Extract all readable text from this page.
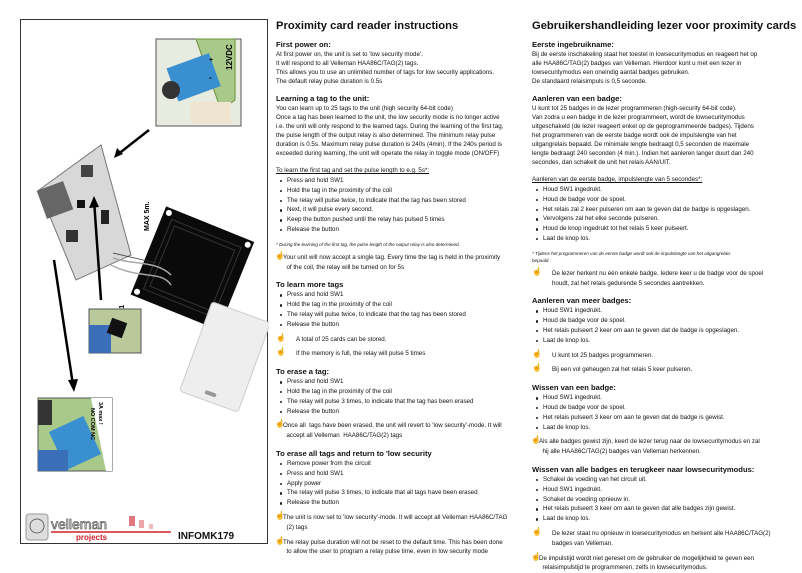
12VDC
+
-
MAX 5m.
NO COM NC 3A max !
velleman
projects	INFOMK179
Proximity card reader instructions
First power on:
At first power on, the unit is set to 'low security mode'.
It will respond to all Velleman HAA86C/TAG(2) tags.
This allows you to use an unlimited number of tags for low security applications.
The default relay pulse duration is 0.5s
Learning a tag to the unit:
You can learn up to 25 tags to the unit (high security 64-bit code)
Once a tag has been learned to the unit, the low security mode is no longer active
i.e. the unit will only respond to the learned tags. During the learning of the first tag,
the pulse length of the output relay is also determined. The minimum relay pulse
duration is 0.5s. Maximum relay pulse duration is 240s (4min). If the 240s period is
exceeded during learning, the unit will operate the relay in toggle mode (ON/OFF)
To learn the first tag and set the pulse length to e.g. 5s*:
Press and hold SW1
Hold the tag in the proximity of the coil
The relay will pulse twice, to indicate that the tag has been stored
Next, it will pulse every second.
Keep the button pushed until the relay has pulsed 5 times
Release the button
* During the learning of the first tag, the pulse length of the output relay is also determined.
☝
Your unit will now accept a single tag. Every time the tag is held in the proximity
of the coil, the relay will be turned on for 5s
To learn more tags
Press and hold SW1
Hold the tag in the proximity of the coil
The relay will pulse twice, to indicate that the tag has been stored
Release the button
☝ A total of 25 cards can be stored.
☝ If the memory is full, the relay will pulse 5 times
To erase a tag:
Press and hold SW1
Hold the tag in the proximity of the coil
The relay will pulse 3 times, to indicate that the tag has been erased
Release the button
☝
Once all  tags have been erased, the unit will revert to 'low security'-mode. It will
accept all Velleman  HAA86C/TAG(2) tags
To erase all tags and return to 'low security
Remove power from the circuit
Press and hold SW1
Apply power
The relay will pulse 3 times, to indicate that all tags have been erased
Release the button
☝
The unit is now set to 'low security'-mode. It will accept all Velleman HAA86C/TAG
(2) tags
☝
The relay pulse duration will not be reset to the default time. This has been done
to allow the user to program a relay pulse time, even in low security mode
Gebruikershandleiding lezer voor proximity cards
Eerste ingebruikname:
Bij de eerste inschakeling staat het toestel in lowsecuritymodus en reageert het op
alle HAA86C/TAG(2) badges van Velleman. Hierdoor kunt u met een lezer in
lowsecuritymodus een oneindig aantal badges gebruiken.
De standaard relaisimpuls is 0,5 seconde.
Aanleren van een badge:
U kunt tot 25 badges in de lezer programmeren (high-security 64-bit code).
Van zodra u een badge in de lezer programmeert, wordt de lowsecuritymodus
uitgeschakeld (de lezer reageert enkel op de geprogrammeerde badges). Tijdens
het programmeren van de eerste badge wordt ook de impulslengte van het
uitgangrelais bepaald. De minimale lengte bedraagt 0,5 seconden de maximale
lengte bedraagt 240 seconden (4 min.). Indien het aanleren langer duurt dan 240
secondes, dan schakelt de unit het relais AAN/UIT.
Aanleren van de eerste badge, impulslengte van 5 secondes*:
Houd SW1 ingedrukt.
Houd de badge voor de spoel.
Het relais zal 2 keer pulseren om aan te geven dat de badge is opgeslagen.
Vervolgens zal het elke seconde pulseren.
Houd de knop ingedrukt tot het relais 5 keer pulseert.
Laat de knop los.
* Tijdens het programmeren van de eerste badge wordt ook de impulslengte van het uitgangrelais
bepaald.
☝ De lezer herkent nu één enkele badge. Iedere keer u de badge voor de spoel
houdt, zal het relais gedurende 5 secondes aantrekken.
Aanleren van meer badges:
Houd SW1 ingedrukt.
Houd de badge voor de spoel.
Het relais pulseert 2 keer om aan te geven dat de badge is opgeslagen.
Laat de knop los.
☝ U kunt tot 25 badges programmeren.
☝ Bij een vol geheugen zal het relais 5 keer pulseren.
Wissen van een badge:
Houd SW1 ingedrukt.
Houd de badge voor de spoel.
Het relais pulseert 3 keer om aan te geven dat de badge is gewist.
Laat de knop los.
☝
Als alle badges gewist zijn, keert de lezer terug naar de lowsecuritymodus en zal
hij alle HAA86C/TAG(2) badges van Velleman herkennen.
Wissen van alle badges en terugkeer naar lowsecuritymodus:
Schakel de voeding van het circuit uit.
Houd SW1 ingedrukt.
Schakel de voeding opnieuw in.
Het relais pulseert 3 keer om aan te geven dat alle badges zijn gewist.
Laat de knop los.
☝ De lezer staat nu opnieuw in lowsecuritymodus en herkent alle HAA86C/TAG(2)
badges van Velleman.
☝
De impulstijd wordt niet gereset om de gebruiker de mogelijkheid te geven een
relaisimpulstijd te programmeren, zelfs in lowsecuritymodus.
